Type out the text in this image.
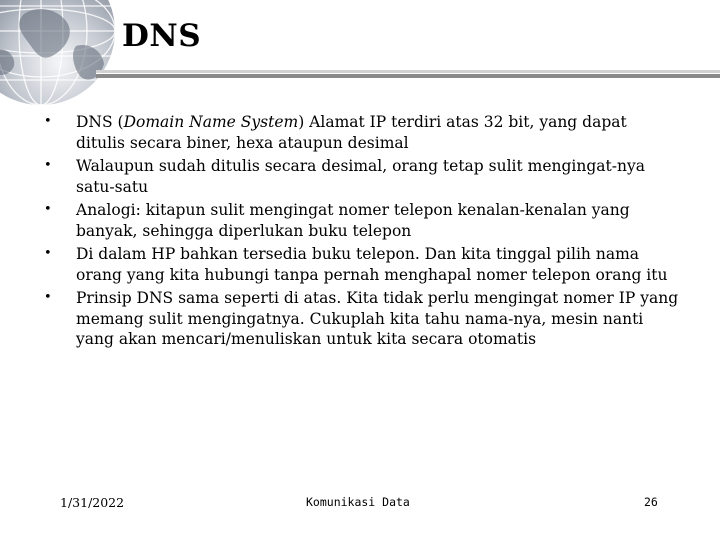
DNS
• DNS (Domain Name System) Alamat IP terdiri atas 32 bit, yang dapat ditulis secara biner, hexa ataupun desimal
• Walaupun sudah ditulis secara desimal, orang tetap sulit mengingat-nya satu-satu
• Analogi: kitapun sulit mengingat nomer telepon kenalan-kenalan yang banyak, sehingga diperlukan buku telepon
• Di dalam HP bahkan tersedia buku telepon. Dan kita tinggal pilih nama orang yang kita hubungi tanpa pernah menghapal nomer telepon orang itu
• Prinsip DNS sama seperti di atas. Kita tidak perlu mengingat nomer IP yang memang sulit mengingatnya. Cukuplah kita tahu nama-nya, mesin nanti yang akan mencari/menuliskan untuk kita secara otomatis
1/31/2022	Komunikasi Data	26
